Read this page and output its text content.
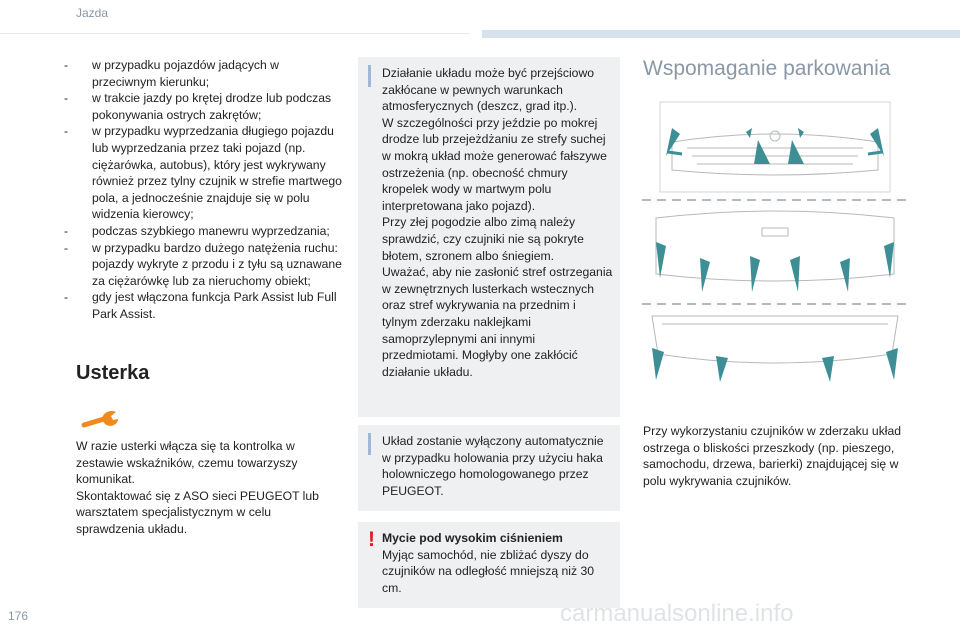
Jazda
- w przypadku pojazdów jadących w przeciwnym kierunku;
- w trakcie jazdy po krętej drodze lub podczas pokonywania ostrych zakrętów;
- w przypadku wyprzedzania długiego pojazdu lub wyprzedzania przez taki pojazd (np. ciężarówka, autobus), który jest wykrywany również przez tylny czujnik w strefie martwego pola, a jednocześnie znajduje się w polu widzenia kierowcy;
- podczas szybkiego manewru wyprzedzania;
- w przypadku bardzo dużego natężenia ruchu: pojazdy wykryte z przodu i z tyłu są uznawane za ciężarówkę lub za nieruchomy obiekt;
- gdy jest włączona funkcja Park Assist lub Full Park Assist.
Usterka
W razie usterki włącza się ta kontrolka w zestawie wskaźników, czemu towarzyszy komunikat.
Skontaktować się z ASO sieci PEUGEOT lub warsztatem specjalistycznym w celu sprawdzenia układu.
Działanie układu może być przejściowo zakłócane w pewnych warunkach atmosferycznych (deszcz, grad itp.).
W szczególności przy jeździe po mokrej drodze lub przejeżdżaniu ze strefy suchej w mokrą układ może generować fałszywe ostrzeżenia (np. obecność chmury kropelek wody w martwym polu interpretowana jako pojazd).
Przy złej pogodzie albo zimą należy sprawdzić, czy czujniki nie są pokryte błotem, szronem albo śniegiem.
Uważać, aby nie zasłonić stref ostrzegania w zewnętrznych lusterkach wstecznych oraz stref wykrywania na przednim i tylnym zderzaku naklejkami samoprzylepnymi ani innymi przedmiotami. Mogłyby one zakłócić działanie układu.
Układ zostanie wyłączony automatycznie w przypadku holowania przy użyciu haka holowniczego homologowanego przez PEUGEOT.
! Mycie pod wysokim ciśnieniem
Myjąc samochód, nie zbliżać dyszy do czujników na odległość mniejszą niż 30 cm.
Wspomaganie parkowania
Przy wykorzystaniu czujników w zderzaku układ ostrzega o bliskości przeszkody (np. pieszego, samochodu, drzewa, barierki) znajdującej się w polu wykrywania czujników.
176	carmanualsonline.info
